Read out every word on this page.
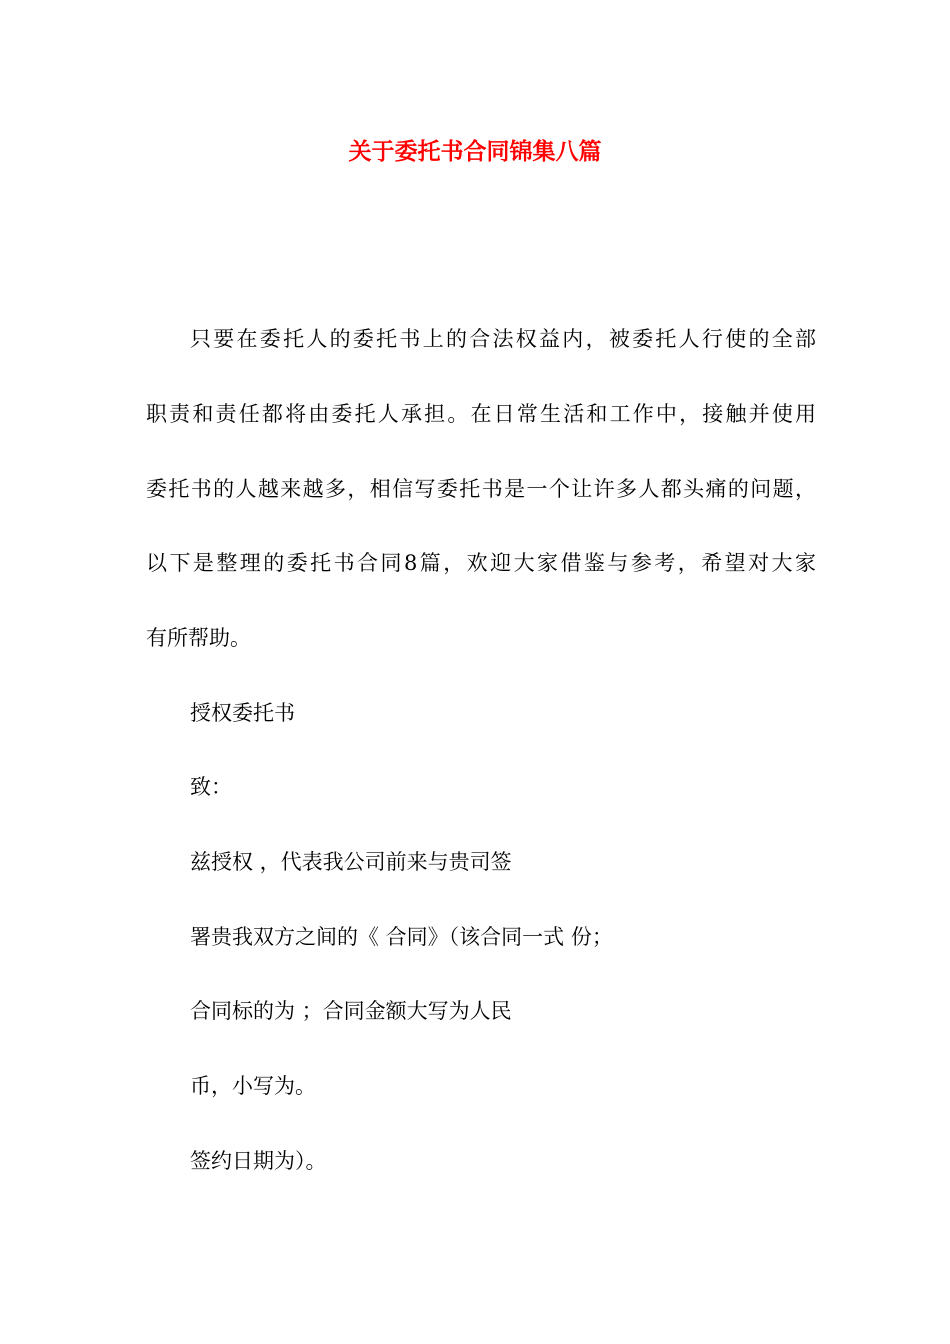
关于委托书合同锦集八篇
只要在委托人的委托书上的合法权益内，被委托人行使的全部
职责和责任都将由委托人承担。在日常生活和工作中，接触并使用
委托书的人越来越多，相信写委托书是一个让许多人都头痛的问题，
以下是整理的委托书合同8篇，欢迎大家借鉴与参考，希望对大家
有所帮助。
授权委托书
致：
兹授权 ，代表我公司前来与贵司签
署贵我双方之间的《 合同》（该合同一式 份；
合同标的为 ；合同金额大写为人民
币，小写为。
签约日期为）。
